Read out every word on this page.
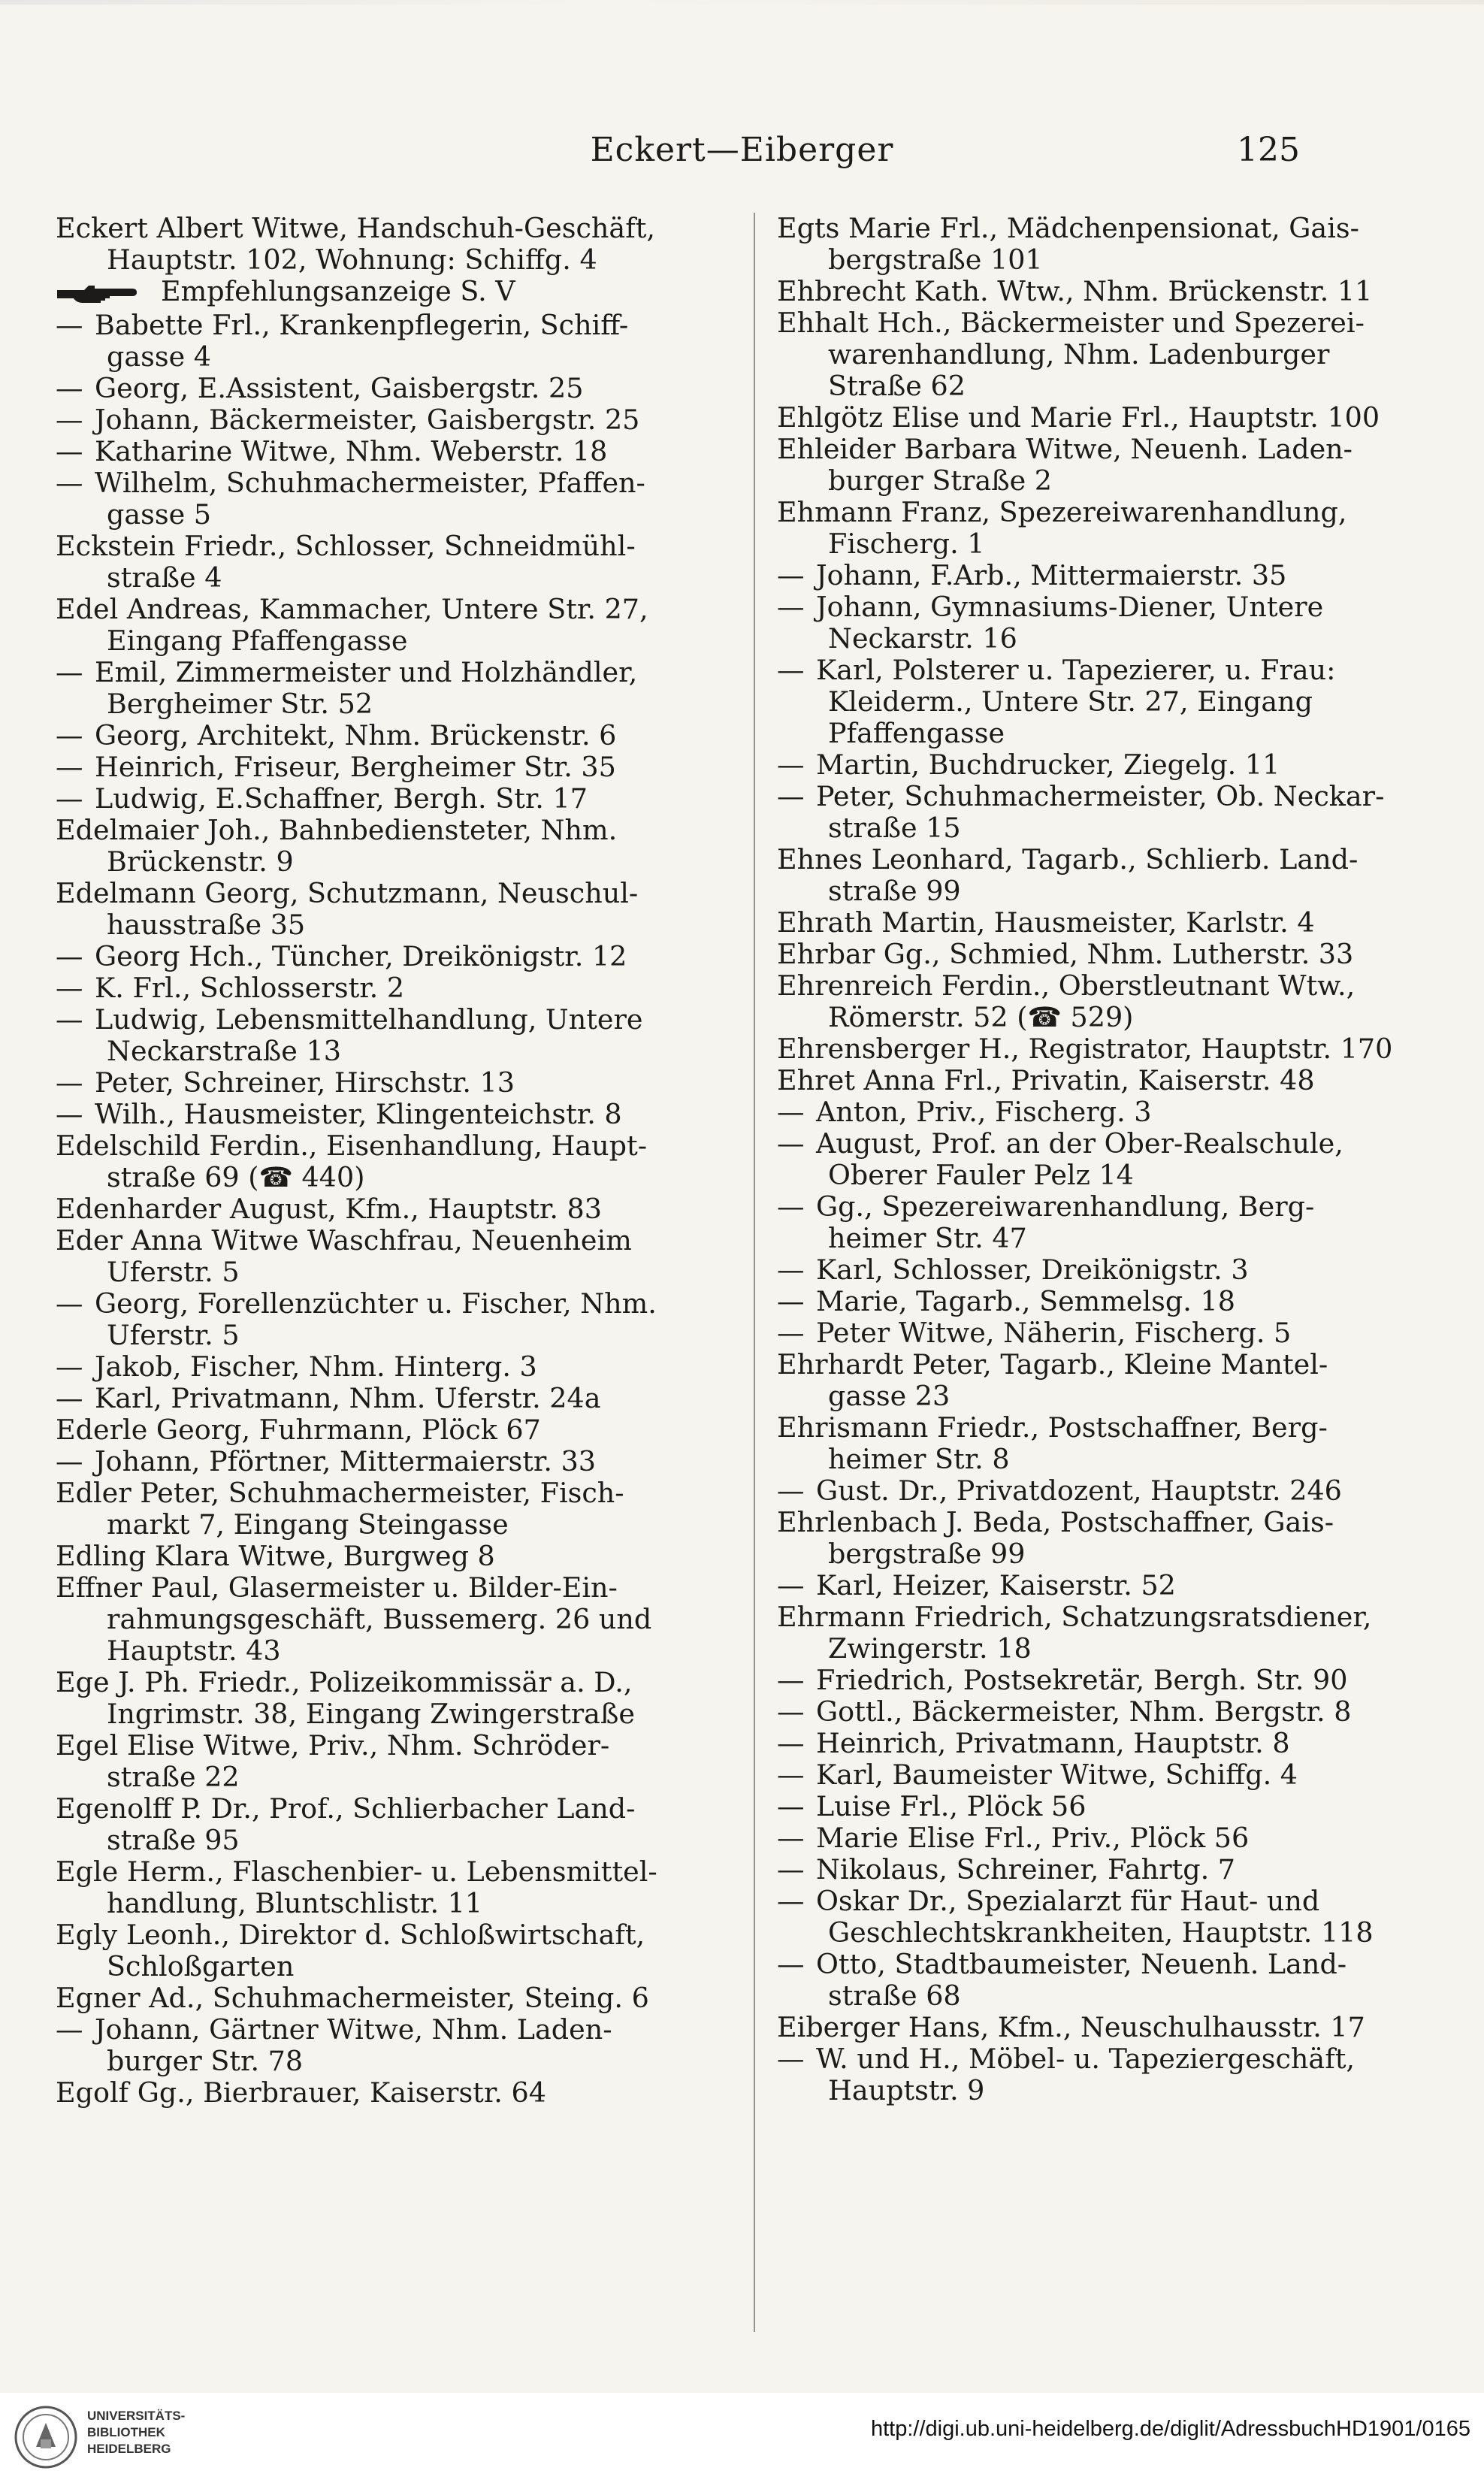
Eckert—Eiberger	125
Eckert Albert Witwe, Handschuh-Geschäft,
Hauptstr. 102, Wohnung: Schiffg. 4
Empfehlungsanzeige S. V
— Babette Frl., Krankenpflegerin, Schiff-
gasse 4
— Georg, E.Assistent, Gaisbergstr. 25
— Johann, Bäckermeister, Gaisbergstr. 25
— Katharine Witwe, Nhm. Weberstr. 18
— Wilhelm, Schuhmachermeister, Pfaffen-
gasse 5
Eckstein Friedr., Schlosser, Schneidmühl-
straße 4
Edel Andreas, Kammacher, Untere Str. 27,
Eingang Pfaffengasse
— Emil, Zimmermeister und Holzhändler,
Bergheimer Str. 52
— Georg, Architekt, Nhm. Brückenstr. 6
— Heinrich, Friseur, Bergheimer Str. 35
— Ludwig, E.Schaffner, Bergh. Str. 17
Edelmaier Joh., Bahnbediensteter, Nhm.
Brückenstr. 9
Edelmann Georg, Schutzmann, Neuschul-
hausstraße 35
— Georg Hch., Tüncher, Dreikönigstr. 12
— K. Frl., Schlosserstr. 2
— Ludwig, Lebensmittelhandlung, Untere
Neckarstraße 13
— Peter, Schreiner, Hirschstr. 13
— Wilh., Hausmeister, Klingenteichstr. 8
Edelschild Ferdin., Eisenhandlung, Haupt-
straße 69 (☎ 440)
Edenharder August, Kfm., Hauptstr. 83
Eder Anna Witwe Waschfrau, Neuenheim
Uferstr. 5
— Georg, Forellenzüchter u. Fischer, Nhm.
Uferstr. 5
— Jakob, Fischer, Nhm. Hinterg. 3
— Karl, Privatmann, Nhm. Uferstr. 24a
Ederle Georg, Fuhrmann, Plöck 67
— Johann, Pförtner, Mittermaierstr. 33
Edler Peter, Schuhmachermeister, Fisch-
markt 7, Eingang Steingasse
Edling Klara Witwe, Burgweg 8
Effner Paul, Glasermeister u. Bilder-Ein-
rahmungsgeschäft, Bussemerg. 26 und
Hauptstr. 43
Ege J. Ph. Friedr., Polizeikommissär a. D.,
Ingrimstr. 38, Eingang Zwingerstraße
Egel Elise Witwe, Priv., Nhm. Schröder-
straße 22
Egenolff P. Dr., Prof., Schlierbacher Land-
straße 95
Egle Herm., Flaschenbier- u. Lebensmittel-
handlung, Bluntschlistr. 11
Egly Leonh., Direktor d. Schloßwirtschaft,
Schloßgarten
Egner Ad., Schuhmachermeister, Steing. 6
— Johann, Gärtner Witwe, Nhm. Laden-
burger Str. 78
Egolf Gg., Bierbrauer, Kaiserstr. 64
Egts Marie Frl., Mädchenpensionat, Gais-
bergstraße 101
Ehbrecht Kath. Wtw., Nhm. Brückenstr. 11
Ehhalt Hch., Bäckermeister und Spezerei-
warenhandlung, Nhm. Ladenburger
Straße 62
Ehlgötz Elise und Marie Frl., Hauptstr. 100
Ehleider Barbara Witwe, Neuenh. Laden-
burger Straße 2
Ehmann Franz, Spezereiwarenhandlung,
Fischerg. 1
— Johann, F.Arb., Mittermaierstr. 35
— Johann, Gymnasiums-Diener, Untere
Neckarstr. 16
— Karl, Polsterer u. Tapezierer, u. Frau:
Kleiderm., Untere Str. 27, Eingang
Pfaffengasse
— Martin, Buchdrucker, Ziegelg. 11
— Peter, Schuhmachermeister, Ob. Neckar-
straße 15
Ehnes Leonhard, Tagarb., Schlierb. Land-
straße 99
Ehrath Martin, Hausmeister, Karlstr. 4
Ehrbar Gg., Schmied, Nhm. Lutherstr. 33
Ehrenreich Ferdin., Oberstleutnant Wtw.,
Römerstr. 52 (☎ 529)
Ehrensberger H., Registrator, Hauptstr. 170
Ehret Anna Frl., Privatin, Kaiserstr. 48
— Anton, Priv., Fischerg. 3
— August, Prof. an der Ober-Realschule,
Oberer Fauler Pelz 14
— Gg., Spezereiwarenhandlung, Berg-
heimer Str. 47
— Karl, Schlosser, Dreikönigstr. 3
— Marie, Tagarb., Semmelsg. 18
— Peter Witwe, Näherin, Fischerg. 5
Ehrhardt Peter, Tagarb., Kleine Mantel-
gasse 23
Ehrismann Friedr., Postschaffner, Berg-
heimer Str. 8
— Gust. Dr., Privatdozent, Hauptstr. 246
Ehrlenbach J. Beda, Postschaffner, Gais-
bergstraße 99
— Karl, Heizer, Kaiserstr. 52
Ehrmann Friedrich, Schatzungsratsdiener,
Zwingerstr. 18
— Friedrich, Postsekretär, Bergh. Str. 90
— Gottl., Bäckermeister, Nhm. Bergstr. 8
— Heinrich, Privatmann, Hauptstr. 8
— Karl, Baumeister Witwe, Schiffg. 4
— Luise Frl., Plöck 56
— Marie Elise Frl., Priv., Plöck 56
— Nikolaus, Schreiner, Fahrtg. 7
— Oskar Dr., Spezialarzt für Haut- und
Geschlechtskrankheiten, Hauptstr. 118
— Otto, Stadtbaumeister, Neuenh. Land-
straße 68
Eiberger Hans, Kfm., Neuschulhausstr. 17
— W. und H., Möbel- u. Tapeziergeschäft,
Hauptstr. 9
UNIVERSITÄTS-
BIBLIOTHEK
HEIDELBERG
http://digi.ub.uni-heidelberg.de/diglit/AdressbuchHD1901/0165
